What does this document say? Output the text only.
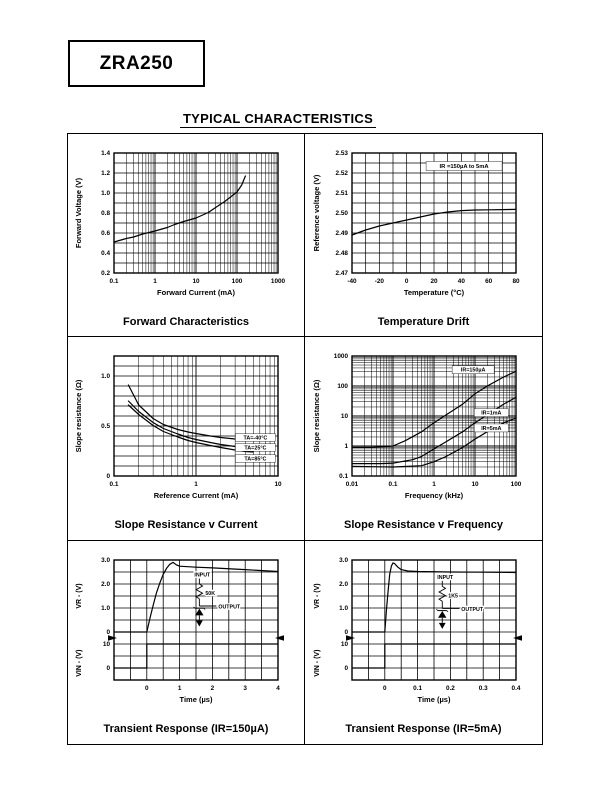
ZRA250
TYPICAL CHARACTERISTICS
0.1	1	10	100	1000
0.2
0.4
0.6
0.8
1.0
1.2
1.4
Forward Current (mA)
Forward Voltage (V)
Forward Characteristics
IR =150µA to 5mA
-40	-20	0	20	40	60	80
2.47
2.48
2.49
2.50
2.51
2.52
2.53
Temperature (°C)
Reference voltage (V)
Temperature Drift
TA=-40°C
TA=25°C
TA=85°C
0.1	1	10
0
0.5
1.0
Reference Current (mA)
Slope resistance (Ω)
Slope Resistance v Current
IR=150µA
IR=1mA
IR=5mA
0.01	0.1	1	10	100
0.1
1
10
100
1000
Frequency (kHz)
Slope resistance (Ω)
Slope Resistance v Frequency
3.0
2.0
1.0
0
10
0
0	1	2	3	4
Time (µs)
VR - (V)
VIN - (V)
INPUT
50K
OUTPUT
Transient Response (IR=150µA)
3.0
2.0
1.0
0
10
0
0	0.1	0.2	0.3	0.4
Time (µs)
VR - (V)
VIN - (V)
INPUT
1K5
OUTPUT
Transient Response (IR=5mA)
